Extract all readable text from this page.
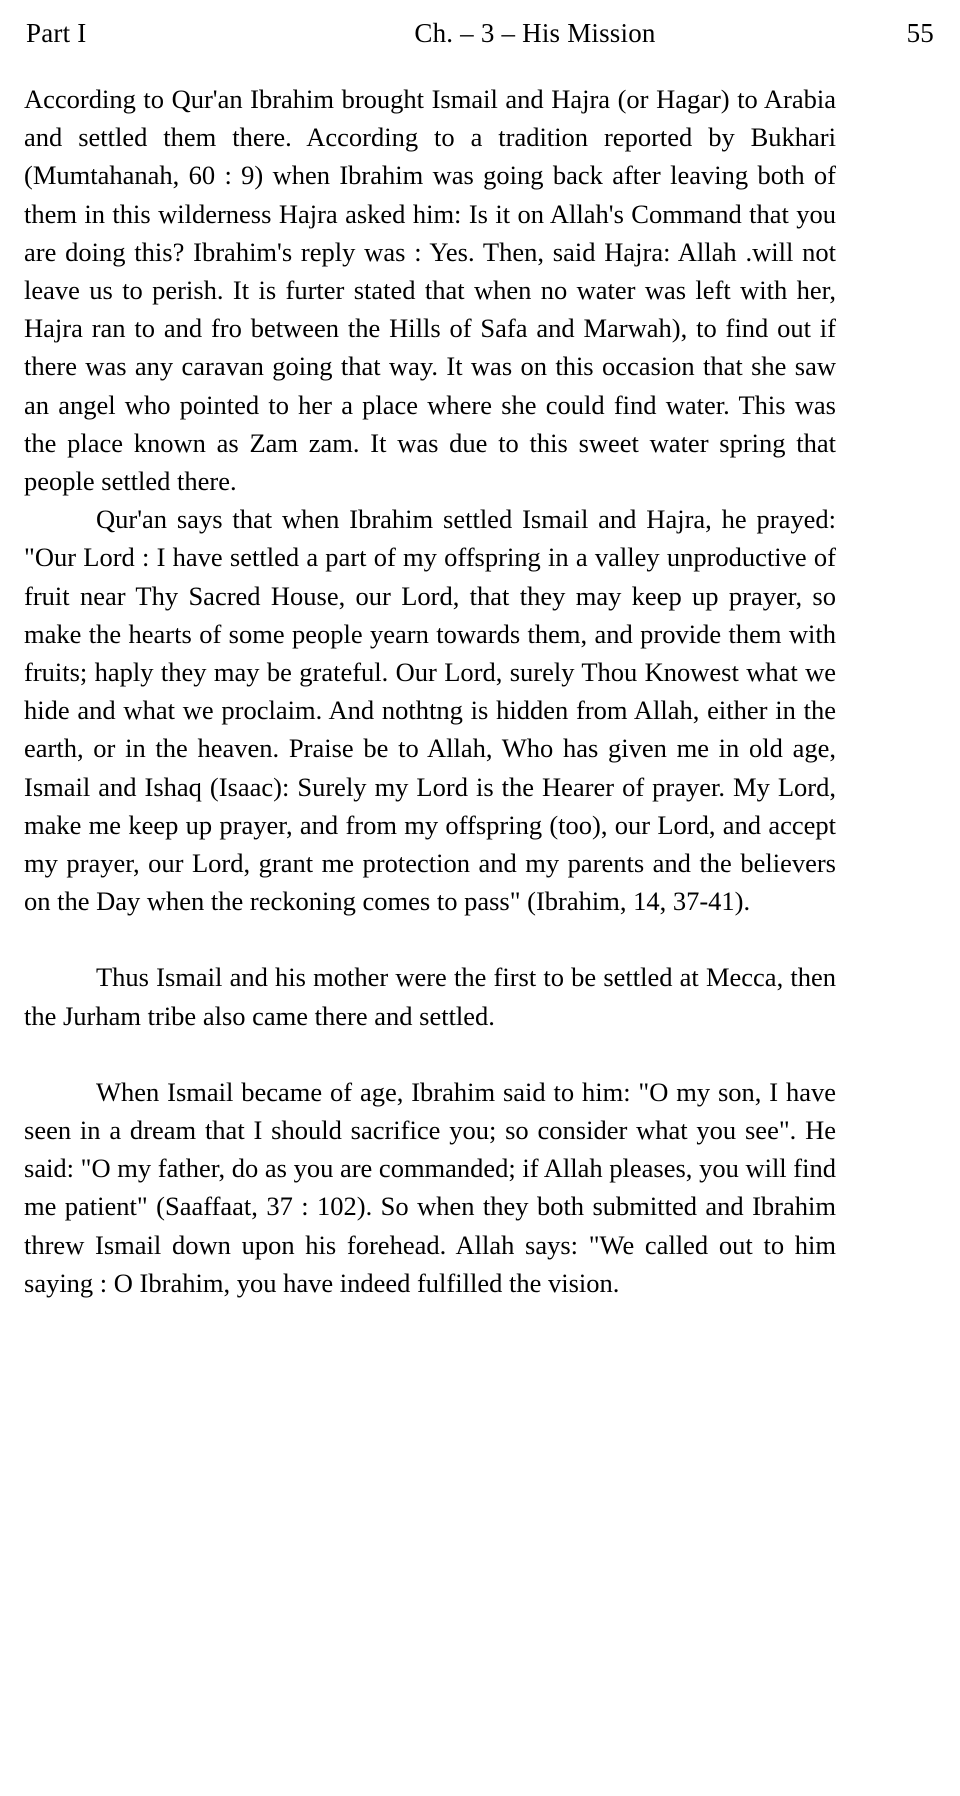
Part I	Ch. – 3 – His Mission	55

According to Qur'an Ibrahim brought Ismail and Hajra (or Hagar) to Arabia and settled them there. According to a tradition reported by Bukhari (Mumtahanah, 60 : 9) when Ibrahim was going back after leaving both of them in this wilderness Hajra asked him: Is it on Allah's Command that you are doing this? Ibrahim's reply was : Yes. Then, said Hajra: Allah .will not leave us to perish. It is furter stated that when no water was left with her, Hajra ran to and fro between the Hills of Safa and Marwah), to find out if there was any caravan going that way. It was on this occasion that she saw an angel who pointed to her a place where she could find water. This was the place known as Zam zam. It was due to this sweet water spring that people settled there.

Qur'an says that when Ibrahim settled Ismail and Hajra, he prayed: "Our Lord : I have settled a part of my offspring in a valley unproductive of fruit near Thy Sacred House, our Lord, that they may keep up prayer, so make the hearts of some people yearn towards them, and provide them with fruits; haply they may be grateful. Our Lord, surely Thou Knowest what we hide and what we proclaim. And nothtng is hidden from Allah, either in the earth, or in the heaven. Praise be to Allah, Who has given me in old age, Ismail and Ishaq (Isaac): Surely my Lord is the Hearer of prayer. My Lord, make me keep up prayer, and from my offspring (too), our Lord, and accept my prayer, our Lord, grant me protection and my parents and the believers on the Day when the reckoning comes to pass" (Ibrahim, 14, 37-41).

Thus Ismail and his mother were the first to be settled at Mecca, then the Jurham tribe also came there and settled.

When Ismail became of age, Ibrahim said to him: "O my son, I have seen in a dream that I should sacrifice you; so consider what you see". He said: "O my father, do as you are commanded; if Allah pleases, you will find me patient" (Saaffaat, 37 : 102). So when they both submitted and Ibrahim threw Ismail down upon his forehead. Allah says: "We called out to him saying : O Ibrahim, you have indeed fulfilled the vision.
